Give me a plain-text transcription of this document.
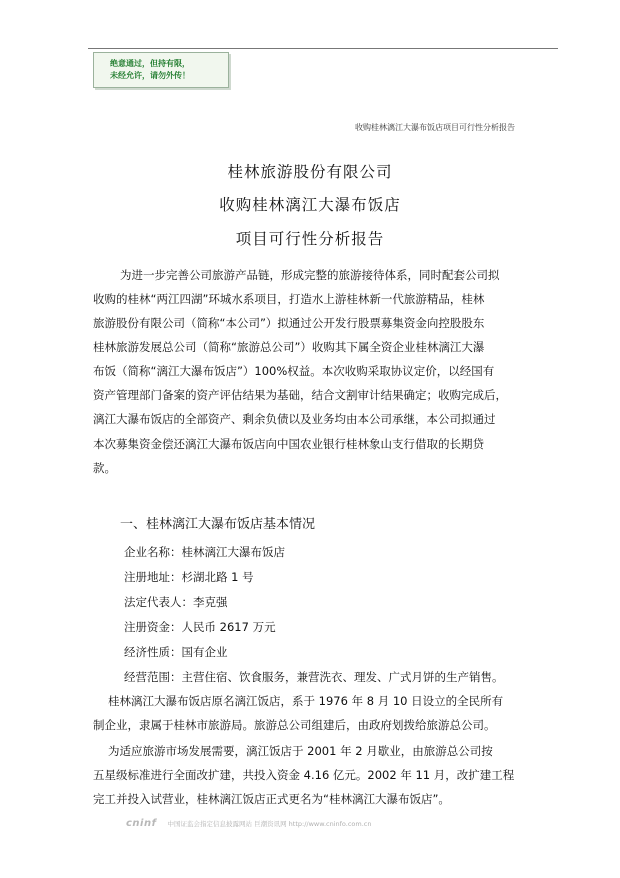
绝意通过，但持有限，
未经允许，请勿外传！
收购桂林漓江大瀑布饭店项目可行性分析报告
桂林旅游股份有限公司
收购桂林漓江大瀑布饭店
项目可行性分析报告
为进一步完善公司旅游产品链，形成完整的旅游接待体系，同时配套公司拟
收购的桂林“两江四湖”环城水系项目，打造水上游桂林新一代旅游精品，桂林
旅游股份有限公司（简称“本公司”）拟通过公开发行股票募集资金向控股股东
桂林旅游发展总公司（简称“旅游总公司”）收购其下属全资企业桂林漓江大瀑
布饭（简称“漓江大瀑布饭店”）100%权益。本次收购采取协议定价，以经国有
资产管理部门备案的资产评估结果为基础，结合文割审计结果确定；收购完成后，
漓江大瀑布饭店的全部资产、剩余负债以及业务均由本公司承继，本公司拟通过
本次募集资金偿还漓江大瀑布饭店向中国农业银行桂林象山支行借取的长期贷
款。
一、桂林漓江大瀑布饭店基本情况
企业名称：桂林漓江大瀑布饭店
注册地址：杉湖北路 1 号
法定代表人：李克强
注册资金：人民币 2617 万元
经济性质：国有企业
经营范围：主营住宿、饮食服务，兼营洗衣、理发、广式月饼的生产销售。
桂林漓江大瀑布饭店原名漓江饭店，系于 1976 年 8 月 10 日设立的全民所有
制企业，隶属于桂林市旅游局。旅游总公司组建后，由政府划拨给旅游总公司。
为适应旅游市场发展需要，漓江饭店于 2001 年 2 月歇业，由旅游总公司按
五星级标准进行全面改扩建，共投入资金 4.16 亿元。2002 年 11 月，改扩建工程
完工并投入试营业，桂林漓江饭店正式更名为“桂林漓江大瀑布饭店”。
cninf 中国证监会指定信息披露网站 巨潮资讯网 http://www.cninfo.com.cn
